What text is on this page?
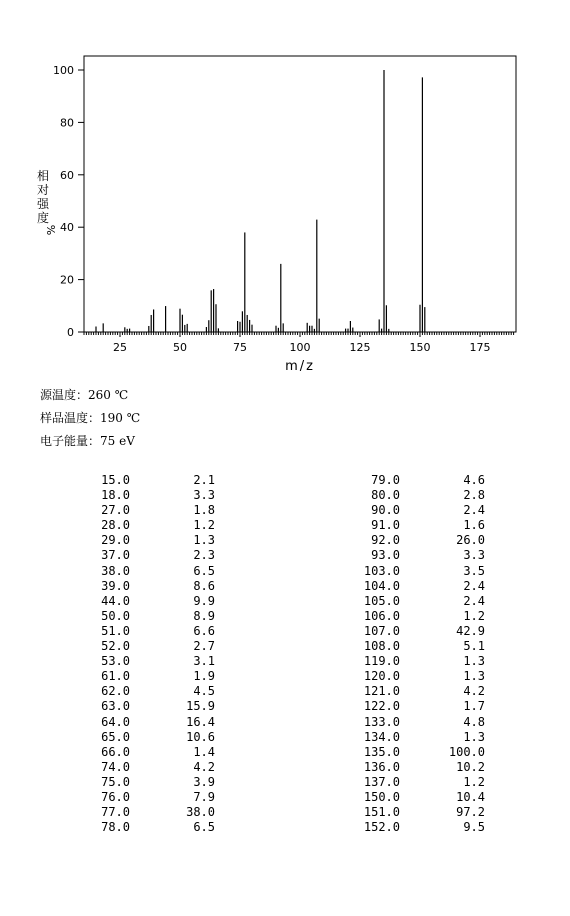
0
20
40
60
80
100
25	50	75	100	125	150	175
相
对
强
度
%
m/z
源温度：260 ℃
样品温度：190 ℃
电子能量：75 eV
15.0	2.1
18.0	3.3
27.0	1.8
28.0	1.2
29.0	1.3
37.0	2.3
38.0	6.5
39.0	8.6
44.0	9.9
50.0	8.9
51.0	6.6
52.0	2.7
53.0	3.1
61.0	1.9
62.0	4.5
63.0	15.9
64.0	16.4
65.0	10.6
66.0	1.4
74.0	4.2
75.0	3.9
76.0	7.9
77.0	38.0
78.0	6.5
79.0	4.6
80.0	2.8
90.0	2.4
91.0	1.6
92.0	26.0
93.0	3.3
103.0	3.5
104.0	2.4
105.0	2.4
106.0	1.2
107.0	42.9
108.0	5.1
119.0	1.3
120.0	1.3
121.0	4.2
122.0	1.7
133.0	4.8
134.0	1.3
135.0	100.0
136.0	10.2
137.0	1.2
150.0	10.4
151.0	97.2
152.0	9.5
